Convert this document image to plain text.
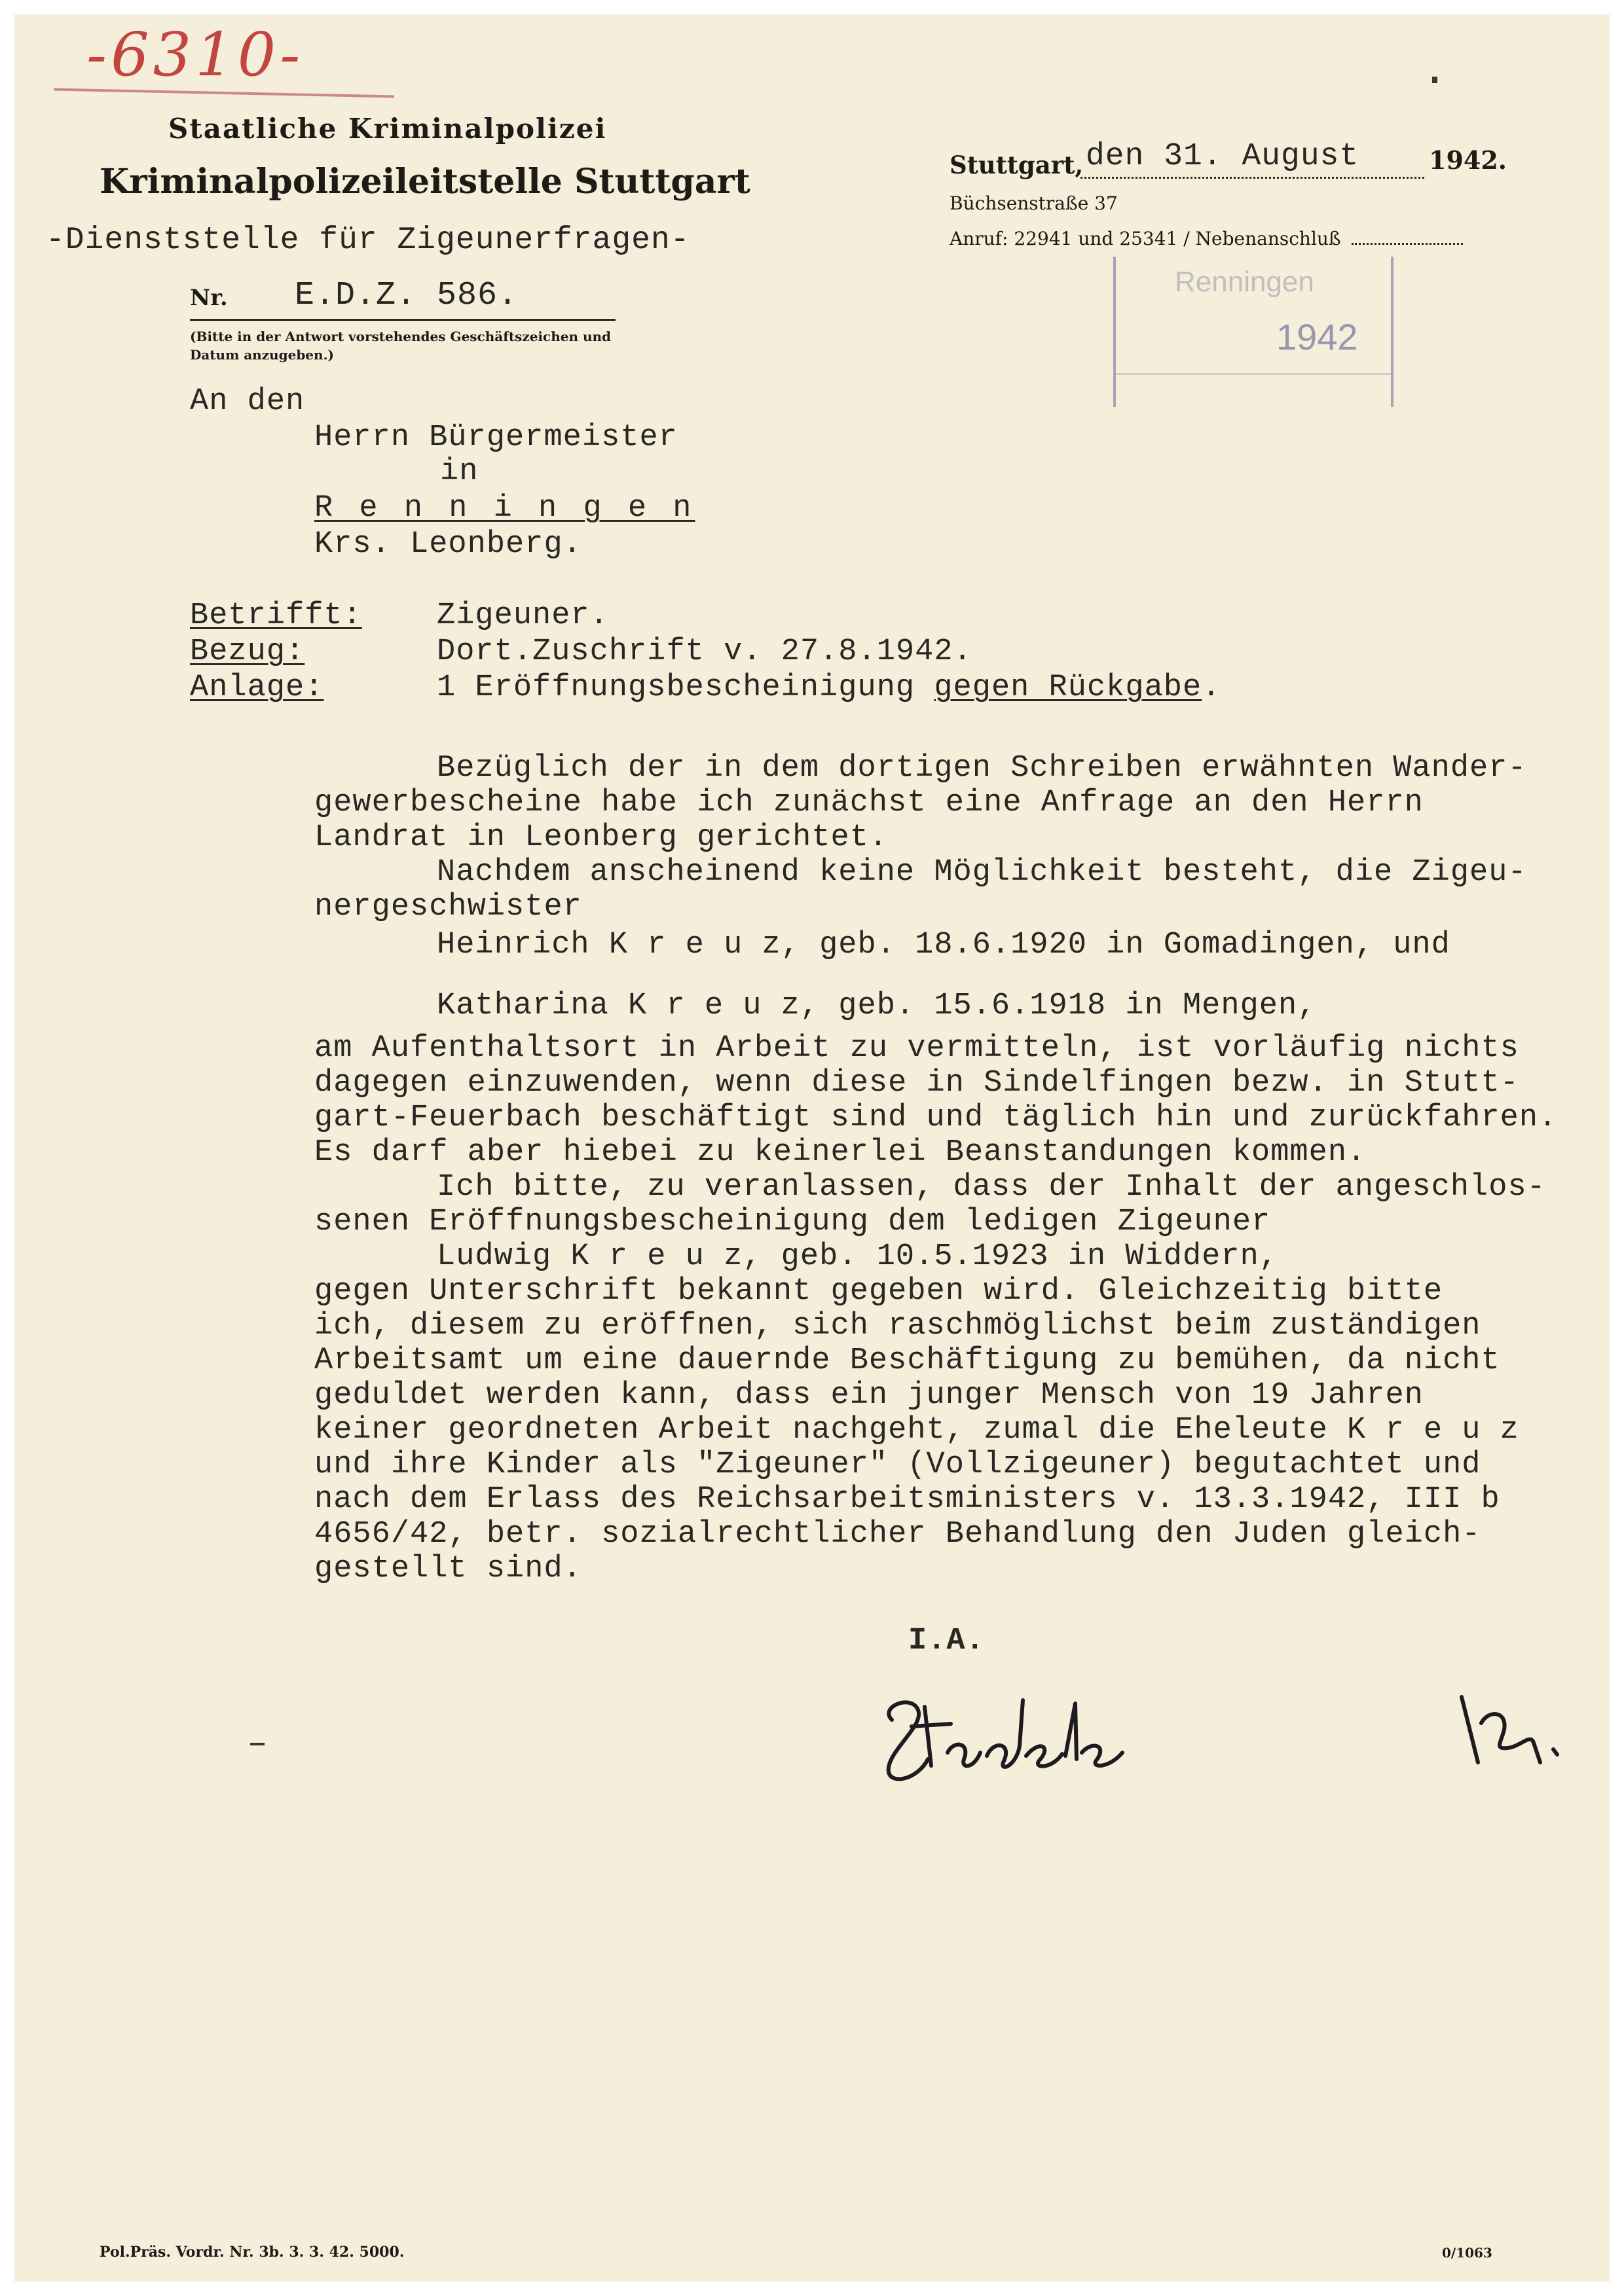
-6310-
Staatliche Kriminalpolizei
Kriminalpolizeileitstelle Stuttgart
-Dienststelle für Zigeunerfragen-
Nr. E.D.Z. 586.
(Bitte in der Antwort vorstehendes Geschäftszeichen und Datum anzugeben.)
Stuttgart, den 31. August	1942.
Büchsenstraße 37
Anruf: 22941 und 25341 / Nebenanschluß
Renningen
1942
An den
Herrn Bürgermeister
in
R e n n i n g e n
Krs. Leonberg.
Betrifft: Zigeuner.
Bezug:	Dort.Zuschrift v. 27.8.1942.
Anlage:	1 Eröffnungsbescheinigung gegen Rückgabe.
Bezüglich der in dem dortigen Schreiben erwähnten Wander-
gewerbescheine habe ich zunächst eine Anfrage an den Herrn
Landrat in Leonberg gerichtet.
Nachdem anscheinend keine Möglichkeit besteht, die Zigeu-
nergeschwister
Heinrich K r e u z, geb. 18.6.1920 in Gomadingen, und
Katharina K r e u z, geb. 15.6.1918 in Mengen,
am Aufenthaltsort in Arbeit zu vermitteln, ist vorläufig nichts
dagegen einzuwenden, wenn diese in Sindelfingen bezw. in Stutt-
gart-Feuerbach beschäftigt sind und täglich hin und zurückfahren.
Es darf aber hiebei zu keinerlei Beanstandungen kommen.
Ich bitte, zu veranlassen, dass der Inhalt der angeschlos-
senen Eröffnungsbescheinigung dem ledigen Zigeuner
Ludwig K r e u z, geb. 10.5.1923 in Widdern,
gegen Unterschrift bekannt gegeben wird. Gleichzeitig bitte
ich, diesem zu eröffnen, sich raschmöglichst beim zuständigen
Arbeitsamt um eine dauernde Beschäftigung zu bemühen, da nicht
geduldet werden kann, dass ein junger Mensch von 19 Jahren
keiner geordneten Arbeit nachgeht, zumal die Eheleute K r e u z
und ihre Kinder als "Zigeuner" (Vollzigeuner) begutachtet und
nach dem Erlass des Reichsarbeitsministers v. 13.3.1942, III b
4656/42, betr. sozialrechtlicher Behandlung den Juden gleich-
gestellt sind.
I.A.
Pol.Präs. Vordr. Nr. 3b. 3. 3. 42. 5000.	0/1063
